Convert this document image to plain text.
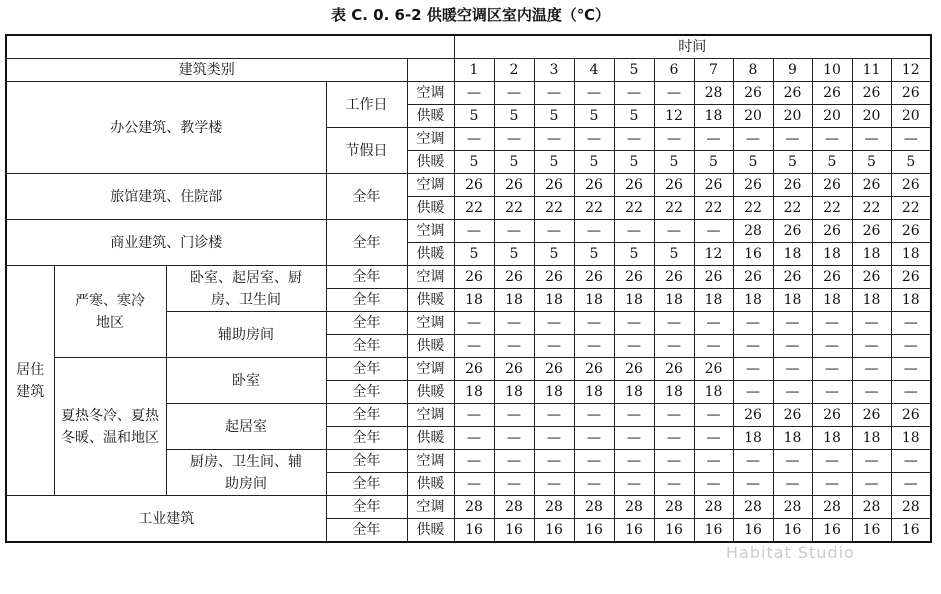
表 C. 0. 6-2 供暖空调区室内温度（℃）
					时间											
建筑类别					1	2	3	4	5	6	7	8	9	10	11	12
办公建筑、教学楼			工作日	空调	—	—	—	—	—	—	28	26	26	26	26	26
				供暖	5	5	5	5	5	12	18	20	20	20	20	20
			节假日	空调	—	—	—	—	—	—	—	—	—	—	—	—
				供暖	5	5	5	5	5	5	5	5	5	5	5	5
旅馆建筑、住院部			全年	空调	26	26	26	26	26	26	26	26	26	26	26	26
				供暖	22	22	22	22	22	22	22	22	22	22	22	22
商业建筑、门诊楼			全年	空调	—	—	—	—	—	—	—	28	26	26	26	26
				供暖	5	5	5	5	5	5	12	16	18	18	18	18
居住建筑	严寒、寒冷地区	卧室、起居室、厨房、卫生间	全年	空调	26	26	26	26	26	26	26	26	26	26	26	26
			全年	供暖	18	18	18	18	18	18	18	18	18	18	18	18
		辅助房间	全年	空调	—	—	—	—	—	—	—	—	—	—	—	—
			全年	供暖	—	—	—	—	—	—	—	—	—	—	—	—
	夏热冬冷、夏热冬暖、温和地区	卧室	全年	空调	26	26	26	26	26	26	26	—	—	—	—	—
			全年	供暖	18	18	18	18	18	18	18	—	—	—	—	—
		起居室	全年	空调	—	—	—	—	—	—	—	26	26	26	26	26
			全年	供暖	—	—	—	—	—	—	—	18	18	18	18	18
		厨房、卫生间、辅助房间	全年	空调	—	—	—	—	—	—	—	—	—	—	—	—
			全年	供暖	—	—	—	—	—	—	—	—	—	—	—	—
工业建筑			全年	空调	28	28	28	28	28	28	28	28	28	28	28	28
			全年	供暖	16	16	16	16	16	16	16	16	16	16	16	16
Habitat Studio
